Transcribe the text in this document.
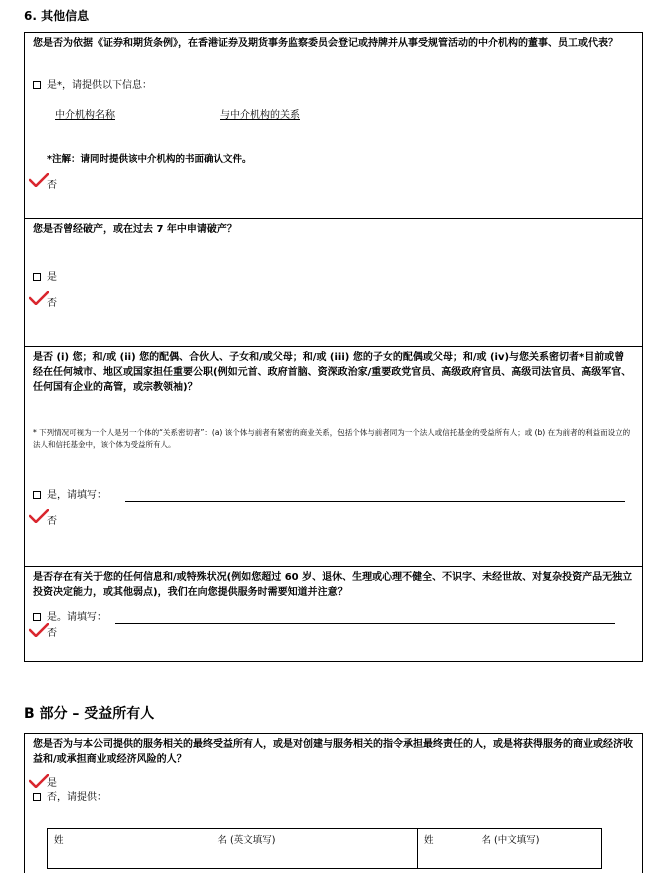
6. 其他信息
您是否为依据《证券和期货条例》，在香港证券及期货事务监察委员会登记或持牌并从事受规管活动的中介机构的董事、员工或代表？
是*，请提供以下信息：
中介机构名称	与中介机构的关系
*注解：请同时提供该中介机构的书面确认文件。
否
您是否曾经破产，或在过去 7 年中申请破产？
是
否
是否 (i) 您；和/或 (ii) 您的配偶、合伙人、子女和/或父母；和/或 (iii) 您的子女的配偶或父母；和/或 (iv)与您关系密切者*目前或曾经在任何城市、地区或国家担任重要公职(例如元首、政府首脑、资深政治家/重要政党官员、高级政府官员、高级司法官员、高级军官、任何国有企业的高管，或宗教领袖)？
* 下列情况可视为一个人是另一个体的“关系密切者”：(a) 该个体与前者有紧密的商业关系，包括个体与前者同为一个法人或信托基金的受益所有人；或 (b) 在为前者的利益而设立的法人和信托基金中，该个体为受益所有人。
是，请填写：
否
是否存在有关于您的任何信息和/或特殊状况(例如您超过 60 岁、退休、生理或心理不健全、不识字、未经世故、对复杂投资产品无独立投资决定能力，或其他弱点)，我们在向您提供服务时需要知道并注意？
是。请填写：
否
B 部分 – 受益所有人
您是否为与本公司提供的服务相关的最终受益所有人，或是对创建与服务相关的指令承担最终责任的人，或是将获得服务的商业或经济收益和/或承担商业或经济风险的人？
是
否，请提供：
姓	名 (英文填写)	姓	名 (中文填写)
